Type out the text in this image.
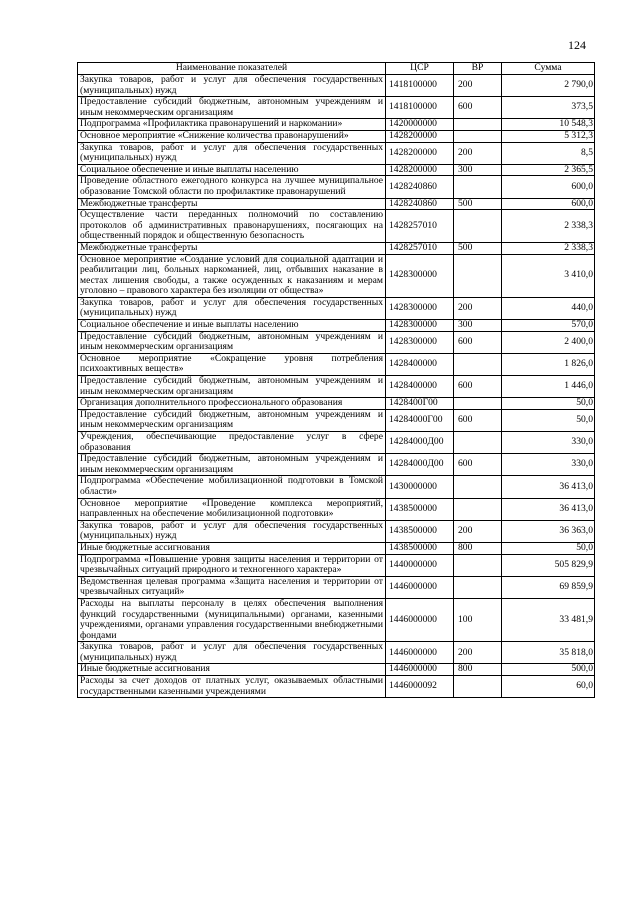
124
Наименование показателей	ЦСР	ВР	Сумма
Закупка товаров, работ и услуг для обеспечения государственных (муниципальных) нужд	1418100000	200	2 790,0
Предоставление субсидий бюджетным, автономным учреждениям и иным некоммерческим организациям	1418100000	600	373,5
Подпрограмма «Профилактика правонарушений и наркомании»	1420000000		10 548,3
Основное мероприятие «Снижение количества правонарушений»	1428200000		5 312,3
Закупка товаров, работ и услуг для обеспечения государственных (муниципальных) нужд	1428200000	200	8,5
Социальное обеспечение и иные выплаты населению	1428200000	300	2 365,5
Проведение областного ежегодного конкурса на лучшее муниципальное образование Томской области по профилактике правонарушений	1428240860		600,0
Межбюджетные трансферты	1428240860	500	600,0
Осуществление части переданных полномочий по составлению протоколов об административных правонарушениях, посягающих на общественный порядок и общественную безопасность	1428257010		2 338,3
Межбюджетные трансферты	1428257010	500	2 338,3
Основное мероприятие «Создание условий для социальной адаптации и реабилитации лиц, больных наркоманией, лиц, отбывших наказание в местах лишения свободы, а также осужденных к наказаниям и мерам уголовно – правового характера без изоляции от общества»	1428300000		3 410,0
Закупка товаров, работ и услуг для обеспечения государственных (муниципальных) нужд	1428300000	200	440,0
Социальное обеспечение и иные выплаты населению	1428300000	300	570,0
Предоставление субсидий бюджетным, автономным учреждениям и иным некоммерческим организациям	1428300000	600	2 400,0
Основное мероприятие «Сокращение уровня потребления психоактивных веществ»	1428400000		1 826,0
Предоставление субсидий бюджетным, автономным учреждениям и иным некоммерческим организациям	1428400000	600	1 446,0
Организация дополнительного профессионального образования	1428400Г00		50,0
Предоставление субсидий бюджетным, автономным учреждениям и иным некоммерческим организациям	14284000Г00	600	50,0
Учреждения, обеспечивающие предоставление услуг в сфере образования	14284000Д00		330,0
Предоставление субсидий бюджетным, автономным учреждениям и иным некоммерческим организациям	14284000Д00	600	330,0
Подпрограмма «Обеспечение мобилизационной подготовки в Томской области»	1430000000		36 413,0
Основное мероприятие «Проведение комплекса мероприятий, направленных на обеспечение мобилизационной подготовки»	1438500000		36 413,0
Закупка товаров, работ и услуг для обеспечения государственных (муниципальных) нужд	1438500000	200	36 363,0
Иные бюджетные ассигнования	1438500000	800	50,0
Подпрограмма «Повышение уровня защиты населения и территории от чрезвычайных ситуаций природного и техногенного характера»	1440000000		505 829,9
Ведомственная целевая программа «Защита населения и территории от чрезвычайных ситуаций»	1446000000		69 859,9
Расходы на выплаты персоналу в целях обеспечения выполнения функций государственными (муниципальными) органами, казенными учреждениями, органами управления государственными внебюджетными фондами	1446000000	100	33 481,9
Закупка товаров, работ и услуг для обеспечения государственных (муниципальных) нужд	1446000000	200	35 818,0
Иные бюджетные ассигнования	1446000000	800	500,0
Расходы за счет доходов от платных услуг, оказываемых областными государственными казенными учреждениями	1446000092		60,0
